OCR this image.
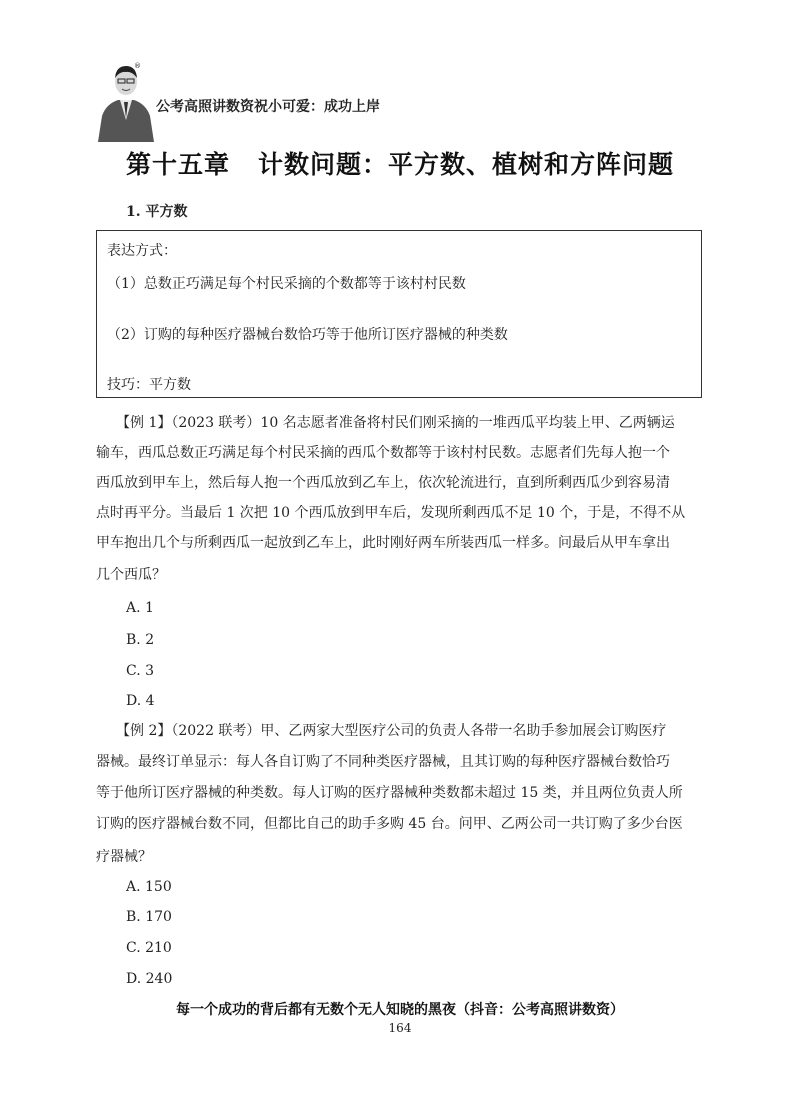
®
公考高照讲数资祝小可爱：成功上岸
第十五章 计数问题：平方数、植树和方阵问题
1. 平方数
表达方式：
（1）总数正巧满足每个村民采摘的个数都等于该村村民数
（2）订购的每种医疗器械台数恰巧等于他所订医疗器械的种类数
技巧：平方数
【例 1】（2023 联考）10 名志愿者准备将村民们刚采摘的一堆西瓜平均装上甲、乙两辆运
输车，西瓜总数正巧满足每个村民采摘的西瓜个数都等于该村村民数。志愿者们先每人抱一个
西瓜放到甲车上，然后每人抱一个西瓜放到乙车上，依次轮流进行，直到所剩西瓜少到容易清
点时再平分。当最后 1 次把 10 个西瓜放到甲车后，发现所剩西瓜不足 10 个，于是，不得不从
甲车抱出几个与所剩西瓜一起放到乙车上，此时刚好两车所装西瓜一样多。问最后从甲车拿出
几个西瓜？
A. 1
B. 2
C. 3
D. 4
【例 2】（2022 联考）甲、乙两家大型医疗公司的负责人各带一名助手参加展会订购医疗
器械。最终订单显示：每人各自订购了不同种类医疗器械，且其订购的每种医疗器械台数恰巧
等于他所订医疗器械的种类数。每人订购的医疗器械种类数都未超过 15 类，并且两位负责人所
订购的医疗器械台数不同，但都比自己的助手多购 45 台。问甲、乙两公司一共订购了多少台医
疗器械？
A. 150
B. 170
C. 210
D. 240
每一个成功的背后都有无数个无人知晓的黑夜（抖音：公考高照讲数资）
164
